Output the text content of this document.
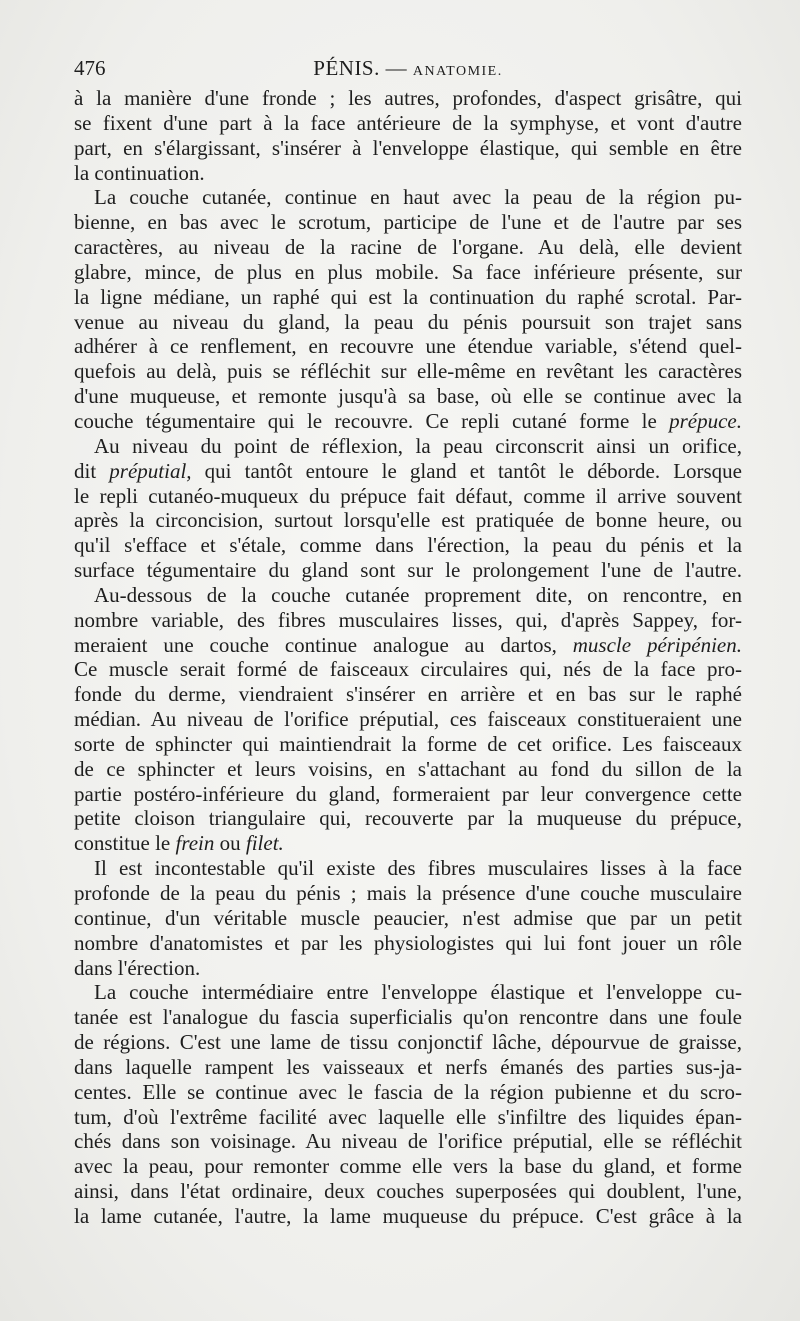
476	PÉNIS. — ANATOMIE.
à la manière d'une fronde ; les autres, profondes, d'aspect grisâtre, qui
se fixent d'une part à la face antérieure de la symphyse, et vont d'autre
part, en s'élargissant, s'insérer à l'enveloppe élastique, qui semble en être
la continuation.
La couche cutanée, continue en haut avec la peau de la région pu-
bienne, en bas avec le scrotum, participe de l'une et de l'autre par ses
caractères, au niveau de la racine de l'organe. Au delà, elle devient
glabre, mince, de plus en plus mobile. Sa face inférieure présente, sur
la ligne médiane, un raphé qui est la continuation du raphé scrotal. Par-
venue au niveau du gland, la peau du pénis poursuit son trajet sans
adhérer à ce renflement, en recouvre une étendue variable, s'étend quel-
quefois au delà, puis se réfléchit sur elle-même en revêtant les caractères
d'une muqueuse, et remonte jusqu'à sa base, où elle se continue avec la
couche tégumentaire qui le recouvre. Ce repli cutané forme le prépuce.
Au niveau du point de réflexion, la peau circonscrit ainsi un orifice,
dit préputial, qui tantôt entoure le gland et tantôt le déborde. Lorsque
le repli cutanéo-muqueux du prépuce fait défaut, comme il arrive souvent
après la circoncision, surtout lorsqu'elle est pratiquée de bonne heure, ou
qu'il s'efface et s'étale, comme dans l'érection, la peau du pénis et la
surface tégumentaire du gland sont sur le prolongement l'une de l'autre.
Au-dessous de la couche cutanée proprement dite, on rencontre, en
nombre variable, des fibres musculaires lisses, qui, d'après Sappey, for-
meraient une couche continue analogue au dartos, muscle péripénien.
Ce muscle serait formé de faisceaux circulaires qui, nés de la face pro-
fonde du derme, viendraient s'insérer en arrière et en bas sur le raphé
médian. Au niveau de l'orifice préputial, ces faisceaux constitueraient une
sorte de sphincter qui maintiendrait la forme de cet orifice. Les faisceaux
de ce sphincter et leurs voisins, en s'attachant au fond du sillon de la
partie postéro-inférieure du gland, formeraient par leur convergence cette
petite cloison triangulaire qui, recouverte par la muqueuse du prépuce,
constitue le frein ou filet.
Il est incontestable qu'il existe des fibres musculaires lisses à la face
profonde de la peau du pénis ; mais la présence d'une couche musculaire
continue, d'un véritable muscle peaucier, n'est admise que par un petit
nombre d'anatomistes et par les physiologistes qui lui font jouer un rôle
dans l'érection.
La couche intermédiaire entre l'enveloppe élastique et l'enveloppe cu-
tanée est l'analogue du fascia superficialis qu'on rencontre dans une foule
de régions. C'est une lame de tissu conjonctif lâche, dépourvue de graisse,
dans laquelle rampent les vaisseaux et nerfs émanés des parties sus-ja-
centes. Elle se continue avec le fascia de la région pubienne et du scro-
tum, d'où l'extrême facilité avec laquelle elle s'infiltre des liquides épan-
chés dans son voisinage. Au niveau de l'orifice préputial, elle se réfléchit
avec la peau, pour remonter comme elle vers la base du gland, et forme
ainsi, dans l'état ordinaire, deux couches superposées qui doublent, l'une,
la lame cutanée, l'autre, la lame muqueuse du prépuce. C'est grâce à la
